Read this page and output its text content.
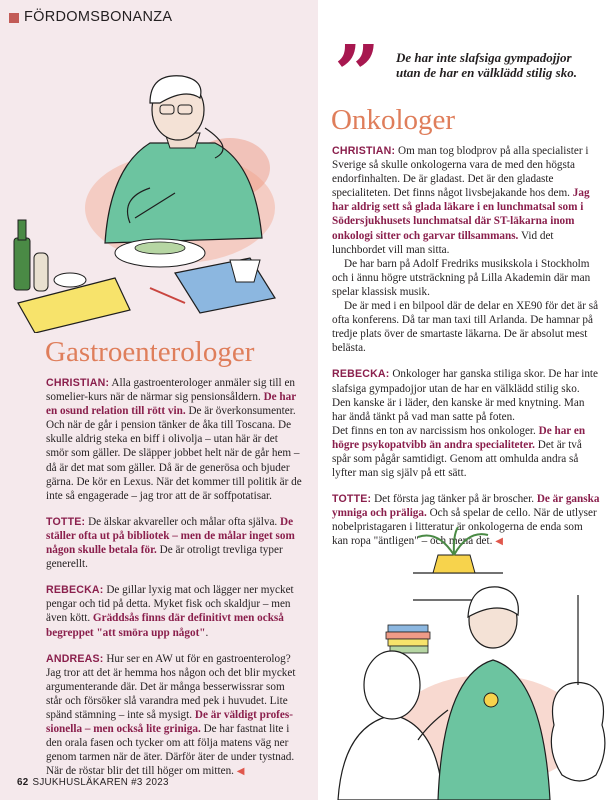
FÖRDOMSBONANZA
Gastroenterologer

CHRISTIAN: Alla gastroenterologer anmäler sig till en somelier-kurs när de närmar sig pensionsåldern. De har en osund relation till rött vin. De är överkonsumenter. Och när de går i pension tänker de åka till Toscana. De skulle aldrig steka en biff i olivolja – utan här är det smör som gäller. De släpper jobbet helt när de går hem – då är det mat som gäller. Då är de generösa och bjuder gärna. De kör en Lexus. När det kommer till politik är de inte så engagerade – jag tror att de är soffpotatisar.

TOTTE: De älskar akvareller och målar ofta själva. De ställer ofta ut på bibliotek – men de målar inget som någon skulle betala för. De är otroligt trevliga typer generellt.

REBECKA: De gillar lyxig mat och lägger ner mycket pengar och tid på detta. Myket fisk och skaldjur – men även kött. Gräddsås finns där definitivt men också begreppet "att smöra upp något".

ANDREAS: Hur ser en AW ut för en gastroenterolog? Jag tror att det är hemma hos någon och det blir mycket argumenterande där. Det är många besserwissrar som står och försöker slå varandra med pek i huvudet. Lite spänd stämning – inte så mysigt. De är väldigt professionella – men också lite griniga. De har fastnat lite i den orala fasen och tycker om att följa matens väg ner genom tarmen när de äter. Därför äter de under tystnad. När de röstar blir det till höger om mitten. ◀

” De har inte slafsiga gympadojjor utan de har en välklädd stilig sko.
Onkologer

CHRISTIAN: Om man tog blodprov på alla specialister i Sverige så skulle onkologerna vara de med den högsta endorfinhalten. De är gladast. Det är den gladaste specialiteten. Det finns något livsbejakande hos dem. Jag har aldrig sett så glada läkare i en lunchmatsal som i Södersjukhusets lunchmatsal där ST-läkarna inom onkologi sitter och garvar tillsammans. Vid det lunchbordet vill man sitta.

De har barn på Adolf Fredriks musikskola i Stockholm och i ännu högre utsträckning på Lilla Akademin där man spelar klassisk musik.

De är med i en bilpool där de delar en XE90 för det är så ofta konferens. Då tar man taxi till Arlanda. De hamnar på tredje plats över de smartaste läkarna. De är absolut mest belästa.

REBECKA: Onkologer har ganska stiliga skor. De har inte slafsiga gympadojjor utan de har en välklädd stilig sko. Den kanske är i läder, den kanske är med knytning. Man har ändå tänkt på vad man satte på foten.

Det finns en ton av narcissism hos onkologer. De har en högre psykopatvibb än andra specialiteter. Det är två spår som pågår samtidigt. Genom att omhulda andra så lyfter man sig själv på ett sätt.

TOTTE: Det första jag tänker på är broscher. De är ganska ymniga och präliga. Och så spelar de cello. När de utlyser nobelpristagaren i litteratur är onkologerna de enda som kan ropa "äntligen" – och mena det. ◀

62 SJUKHUSLÄKAREN #3 2023
